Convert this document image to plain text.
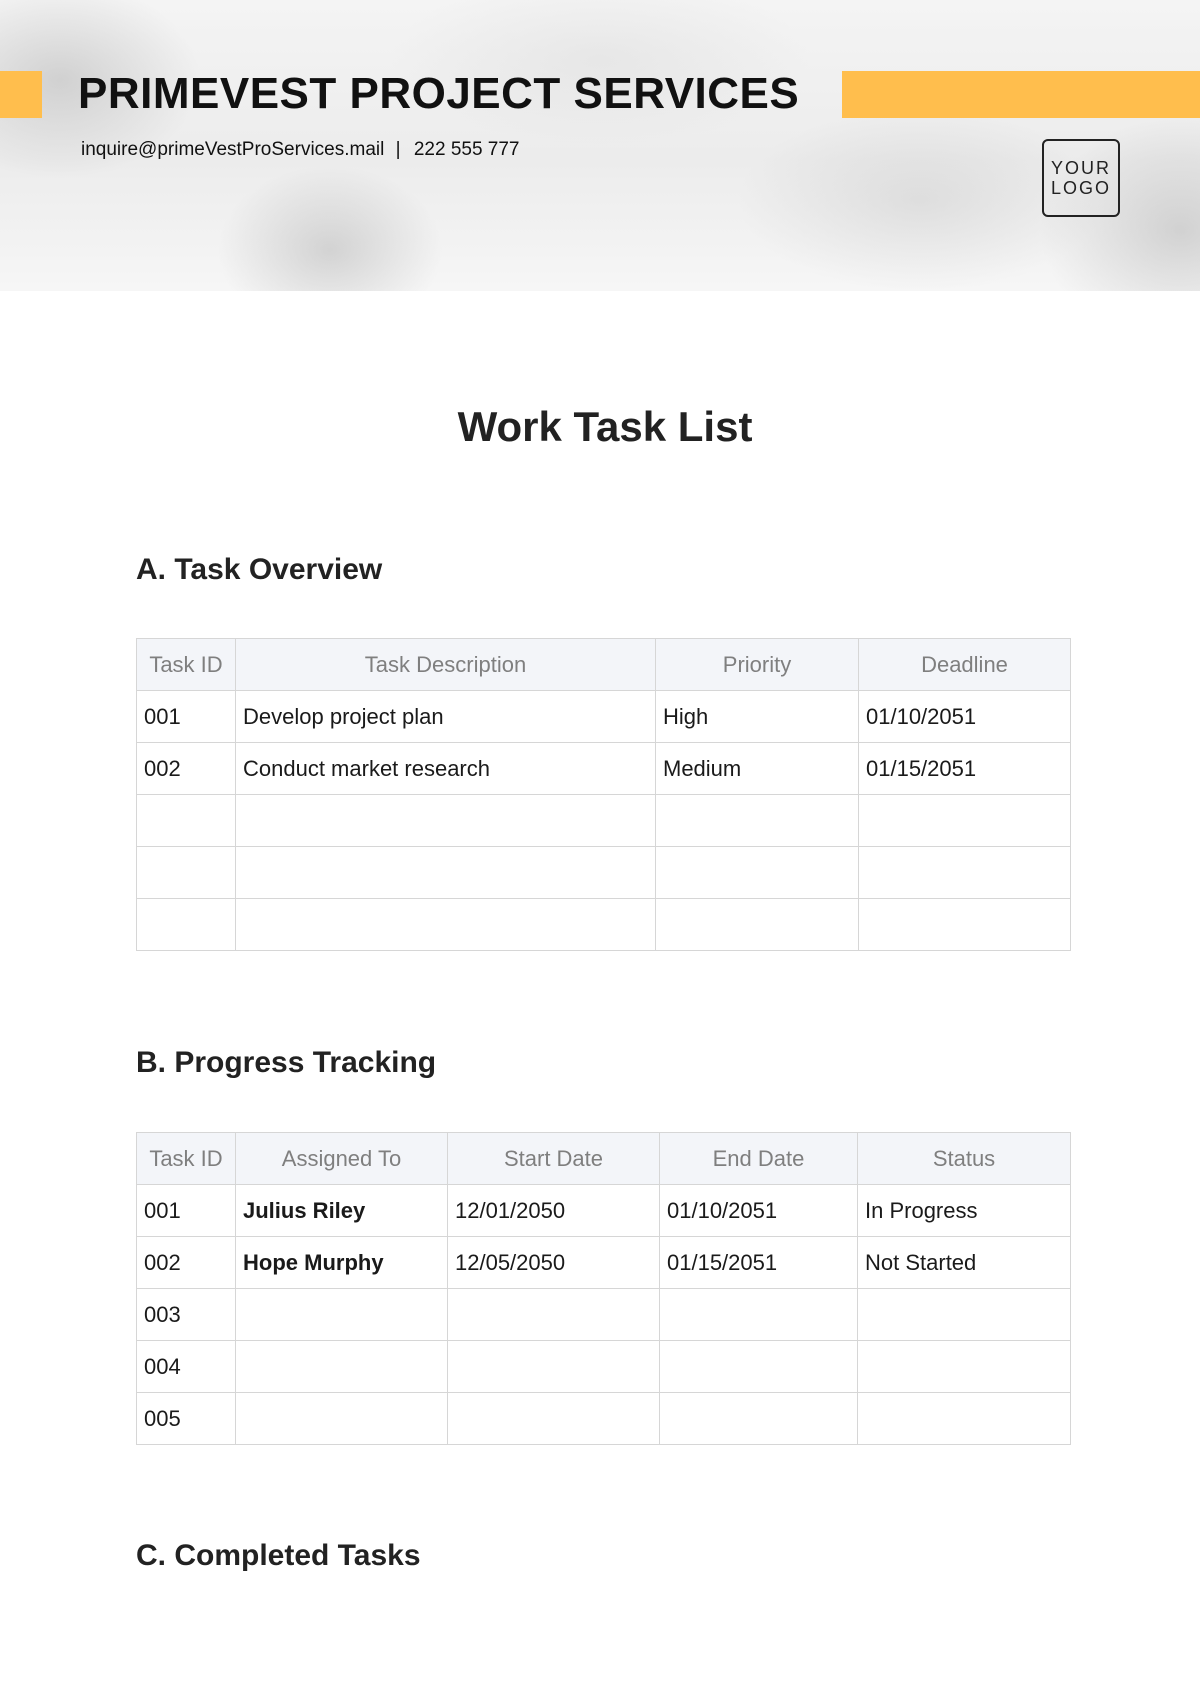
PRIMEVEST PROJECT SERVICES
inquire@primeVestProServices.mail | 222 555 777
YOUR
LOGO
Work Task List
A. Task Overview
Task ID	Task Description	Priority	Deadline
001	Develop project plan	High	01/10/2051
002	Conduct market research	Medium	01/15/2051

B. Progress Tracking
Task ID	Assigned To	Start Date	End Date	Status
001	Julius Riley	12/01/2050	01/10/2051	In Progress
002	Hope Murphy	12/05/2050	01/15/2051	Not Started
003				
004				
005				
C. Completed Tasks
